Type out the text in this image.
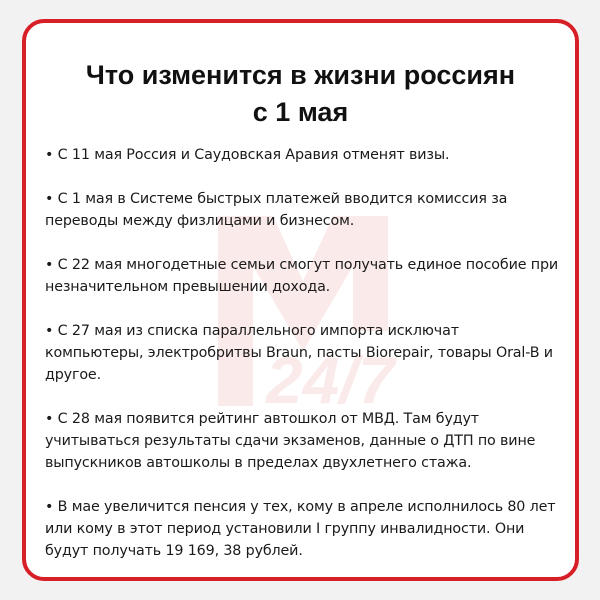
24/7
Что изменится в жизни россиян
с 1 мая
• С 11 мая Россия и Саудовская Аравия отменят визы.
• С 1 мая в Системе быстрых платежей вводится комиссия за переводы между физлицами и бизнесом.
• С 22 мая многодетные семьи смогут получать единое пособие при незначительном превышении дохода.
• С 27 мая из списка параллельного импорта исключат компьютеры, электробритвы Braun, пасты Biorepair, товары Oral-B и другое.
• С 28 мая появится рейтинг автошкол от МВД. Там будут учитываться результаты сдачи экзаменов, данные о ДТП по вине выпускников автошколы в пределах двухлетнего стажа.
• В мае увеличится пенсия у тех, кому в апреле исполнилось 80 лет или кому в этот период установили I группу инвалидности. Они будут получать 19 169, 38 рублей.
